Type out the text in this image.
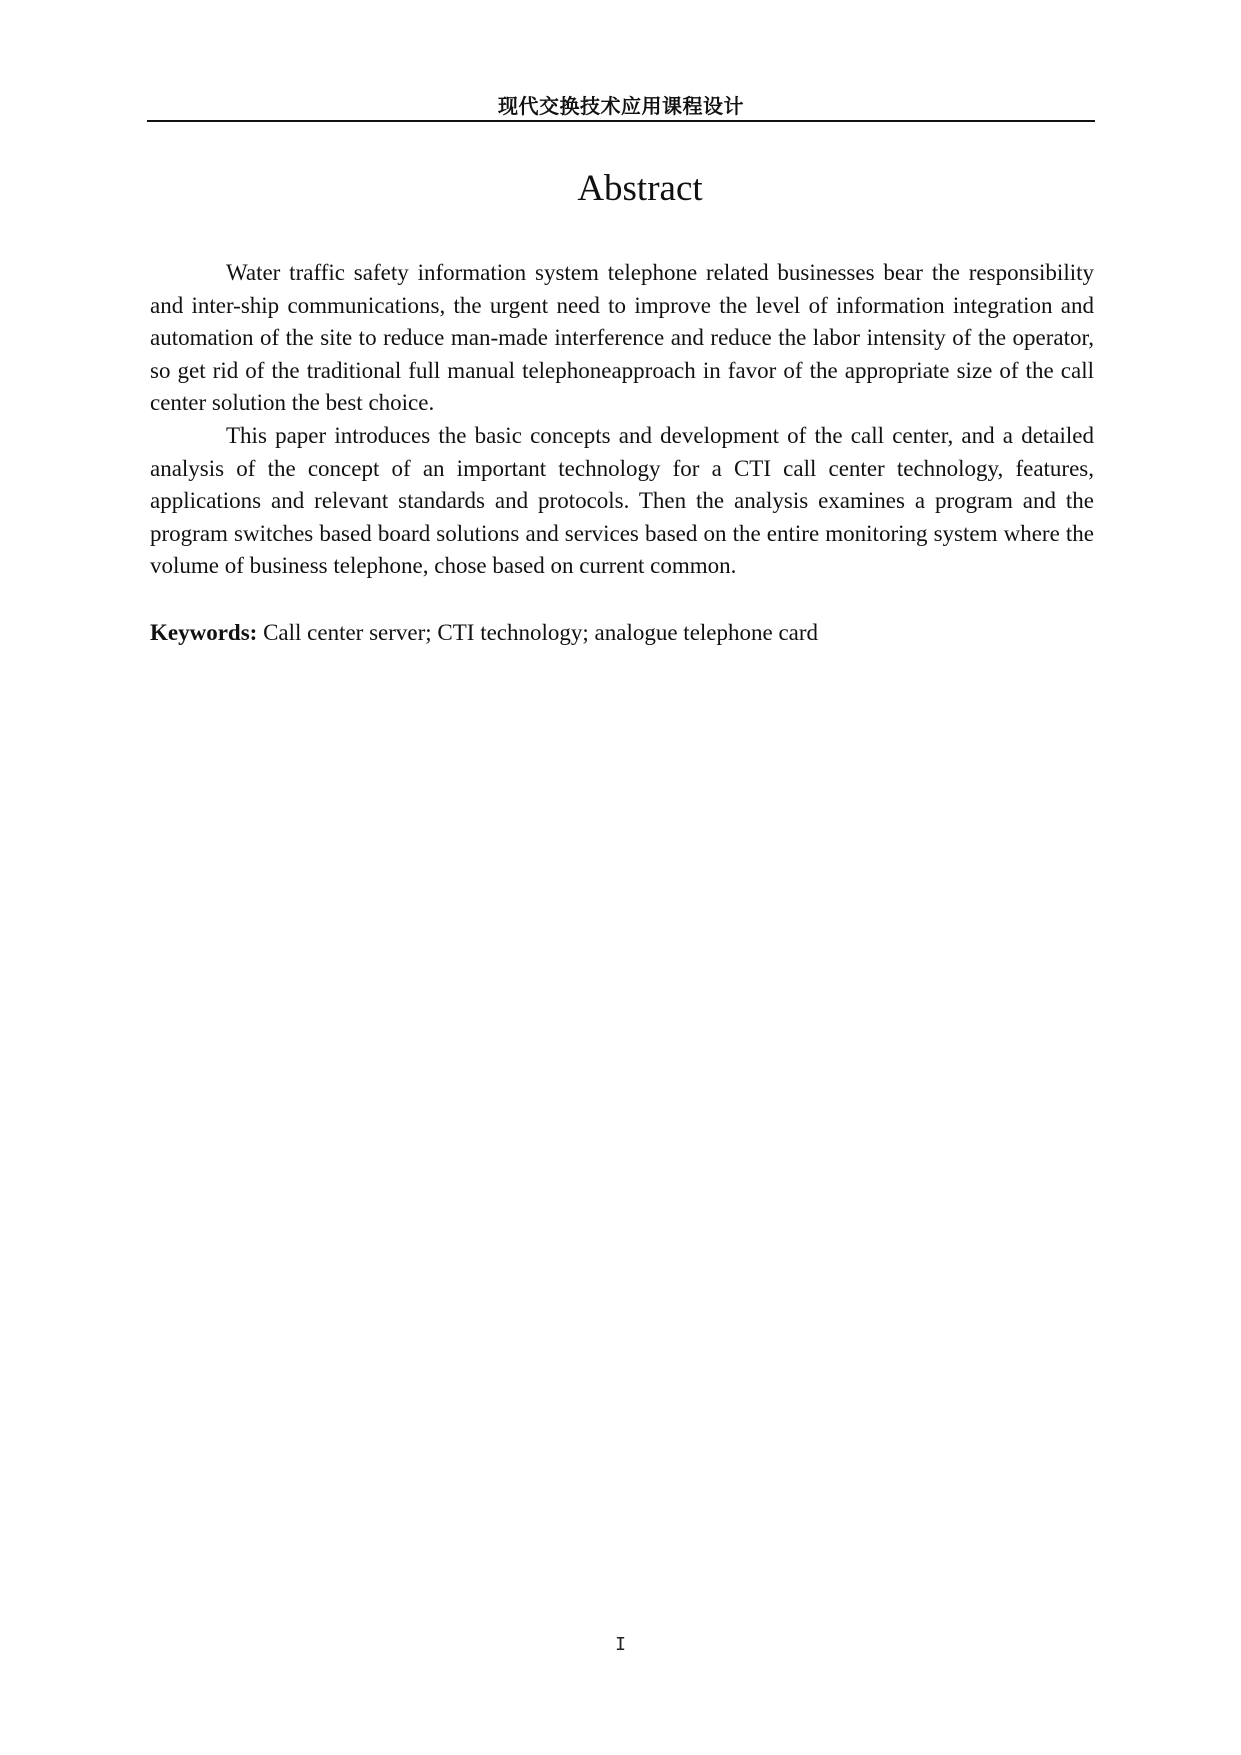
现代交换技术应用课程设计
Abstract

Water traffic safety information system telephone related businesses bear the responsibility and inter-ship communications, the urgent need to improve the level of information integration and automation of the site to reduce man-made interference and reduce the labor intensity of the operator, so get rid of the traditional full manual telephoneapproach in favor of the appropriate size of the call center solution the best choice.

This paper introduces the basic concepts and development of the call center, and a detailed analysis of the concept of an important technology for a CTI call center technology, features, applications and relevant standards and protocols. Then the analysis examines a program and the program switches based board solutions and services based on the entire monitoring system where the volume of business telephone, chose based on current common.

Keywords: Call center server; CTI technology; analogue telephone card

I
